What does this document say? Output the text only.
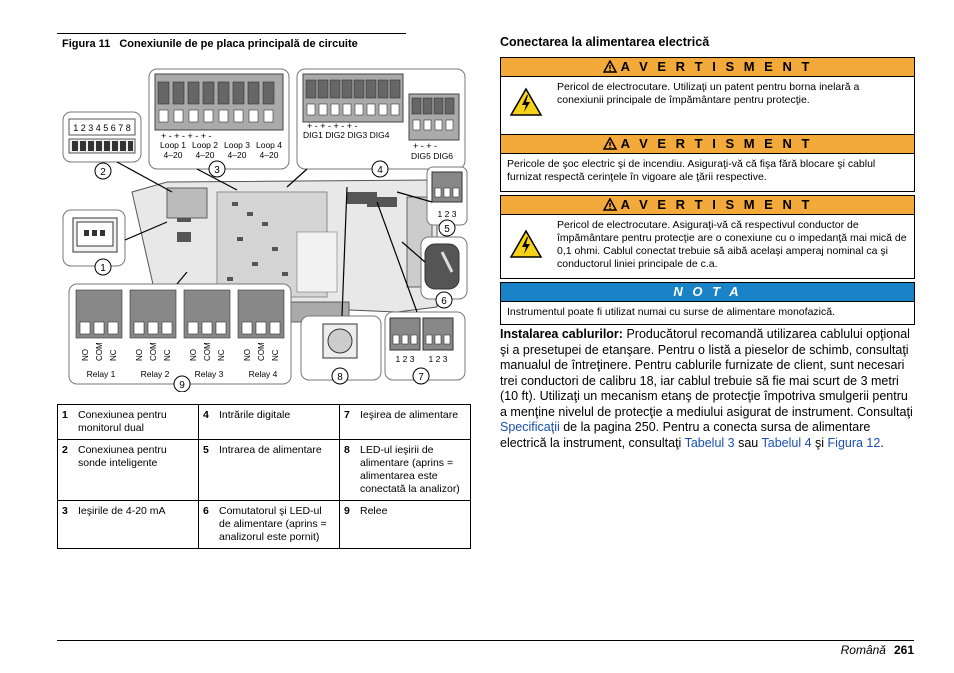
Figura 11 Conexiunile de pe placa principală de circuite
1 2 3 4 5 6 7 8
+ - + - + - + -
Loop 1 Loop 2 Loop 3 Loop 4
4–20 4–20 4–20 4–20
+ - + - + - + -
DIG1 DIG2 DIG3 DIG4
+ - + -
DIG5 DIG6
1 2 3
1 2 3 1 2 3
NO COM NC NO COM NC NO COM NC NO COM NC
Relay 1	Relay 2	Relay 3	Relay 4
1
2	3	4
5
6
7
8
9
1	Conexiunea pentru monitorul dual	4	Intrările digitale	7	Ieşirea de alimentare
2	Conexiunea pentru sonde inteligente	5	Intrarea de alimentare	8	LED-ul ieşirii de alimentare (aprins = alimentarea este conectată la analizor)
3	Ieşirile de 4-20 mA	6	Comutatorul şi LED-ul de alimentare (aprins = analizorul este pornit)	9	Relee
Conectarea la alimentarea electrică
A V E R T I S M E N T
Pericol de electrocutare. Utilizaţi un patent pentru borna inelară a conexiunii principale de împământare pentru protecţie.
A V E R T I S M E N T
Pericole de şoc electric şi de incendiu. Asiguraţi-vă că fişa fără blocare şi cablul furnizat respectă cerinţele în vigoare ale ţării respective.
A V E R T I S M E N T
Pericol de electrocutare. Asiguraţi-vă că respectivul conductor de împământare pentru protecţie are o conexiune cu o impedanţă mai mică de 0,1 ohmi. Cablul conectat trebuie să aibă acelaşi amperaj nominal ca şi conductorul liniei principale de c.a.
N O T A
Instrumentul poate fi utilizat numai cu surse de alimentare monofazică.
Instalarea cablurilor: Producătorul recomandă utilizarea cablului opţional şi a presetupei de etanşare. Pentru o listă a pieselor de schimb, consultaţi manualul de întreţinere. Pentru cablurile furnizate de client, sunt necesari trei conductori de calibru 18, iar cablul trebuie să fie mai scurt de 3 metri (10 ft). Utilizaţi un mecanism etanş de protecţie împotriva smulgerii pentru a menţine nivelul de protecţie a mediului asigurat de instrument. Consultaţi Specificaţii de la pagina 250. Pentru a conecta sursa de alimentare electrică la instrument, consultaţi Tabelul 3 sau Tabelul 4 şi Figura 12.
Română 261
